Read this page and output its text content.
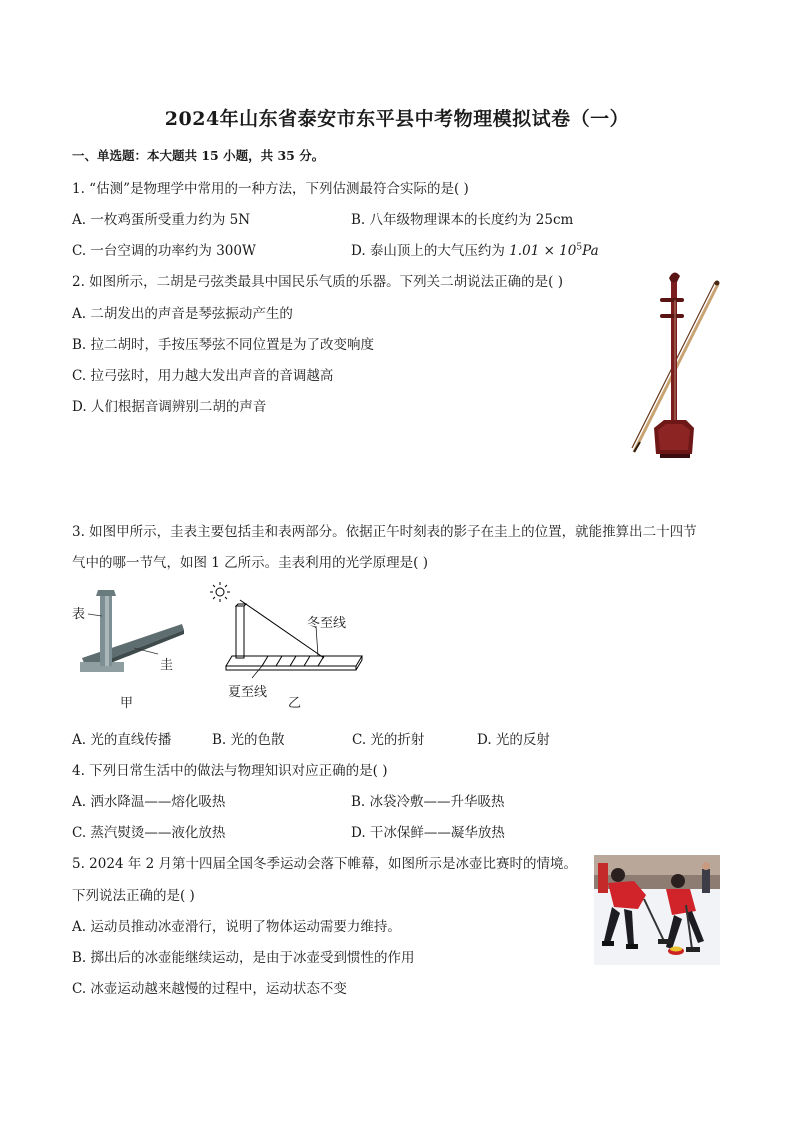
2024年山东省泰安市东平县中考物理模拟试卷（一）
一、单选题：本大题共 15 小题，共 35 分。
1. “估测”是物理学中常用的一种方法，下列估测最符合实际的是( )
A. 一枚鸡蛋所受重力约为 5N	B. 八年级物理课本的长度约为 25cm
C. 一台空调的功率约为 300W	D. 泰山顶上的大气压约为 $1.01 \times 10^5Pa$
2. 如图所示，二胡是弓弦类最具中国民乐气质的乐器。下列关二胡说法正确的是( )
A. 二胡发出的声音是琴弦振动产生的
B. 拉二胡时，手按压琴弦不同位置是为了改变响度
C. 拉弓弦时，用力越大发出声音的音调越高
D. 人们根据音调辨别二胡的声音
3. 如图甲所示，圭表主要包括圭和表两部分。依据正午时刻表的影子在圭上的位置，就能推算出二十四节
气中的哪一节气，如图 1 乙所示。圭表利用的光学原理是( )
表
圭
甲
冬至线
夏至线
乙
A. 光的直线传播	B. 光的色散	C. 光的折射	D. 光的反射
4. 下列日常生活中的做法与物理知识对应正确的是( )
A. 洒水降温——熔化吸热	B. 冰袋冷敷——升华吸热
C. 蒸汽熨烫——液化放热	D. 干冰保鲜——凝华放热
5. 2024 年 2 月第十四届全国冬季运动会落下帷幕，如图所示是冰壶比赛时的情境。
下列说法正确的是( )
A. 运动员推动冰壶滑行，说明了物体运动需要力维持。
B. 掷出后的冰壶能继续运动，是由于冰壶受到惯性的作用
C. 冰壶运动越来越慢的过程中，运动状态不变
